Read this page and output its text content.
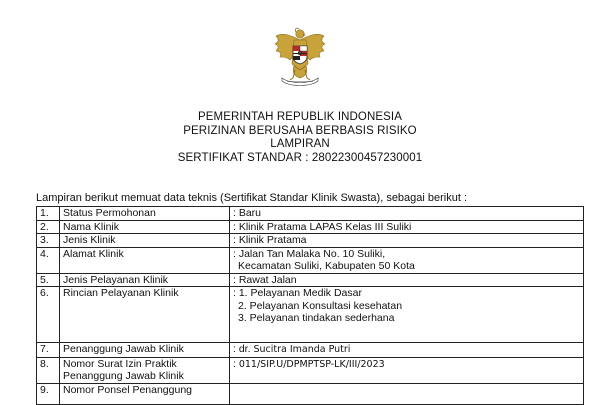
PEMERINTAH REPUBLIK INDONESIA
PERIZINAN BERUSAHA BERBASIS RISIKO
LAMPIRAN
SERTIFIKAT STANDAR : 28022300457230001
Lampiran berikut memuat data teknis (Sertifikat Standar Klinik Swasta), sebagai berikut :
1.	Status Permohonan	: Baru
2.	Nama Klinik	: Klinik Pratama LAPAS Kelas III Suliki
3.	Jenis Klinik	: Klinik Pratama
4.	Alamat Klinik	: Jalan Tan Malaka No. 10 Suliki,
Kecamatan Suliki, Kabupaten 50 Kota

5.	Jenis Pelayanan Klinik	: Rawat Jalan
6.	Rincian Pelayanan Klinik	: 1. Pelayanan Medik Dasar
2. Pelayanan Konsultasi kesehatan
3. Pelayanan tindakan sederhana

7.	Penanggung Jawab Klinik	: dr. Sucitra Imanda Putri
8.	Nomor Surat Izin Praktik
Penanggung Jawab Klinik	: 011/SIP.U/DPMPTSP-LK/III/2023
9.	Nomor Ponsel Penanggung	
